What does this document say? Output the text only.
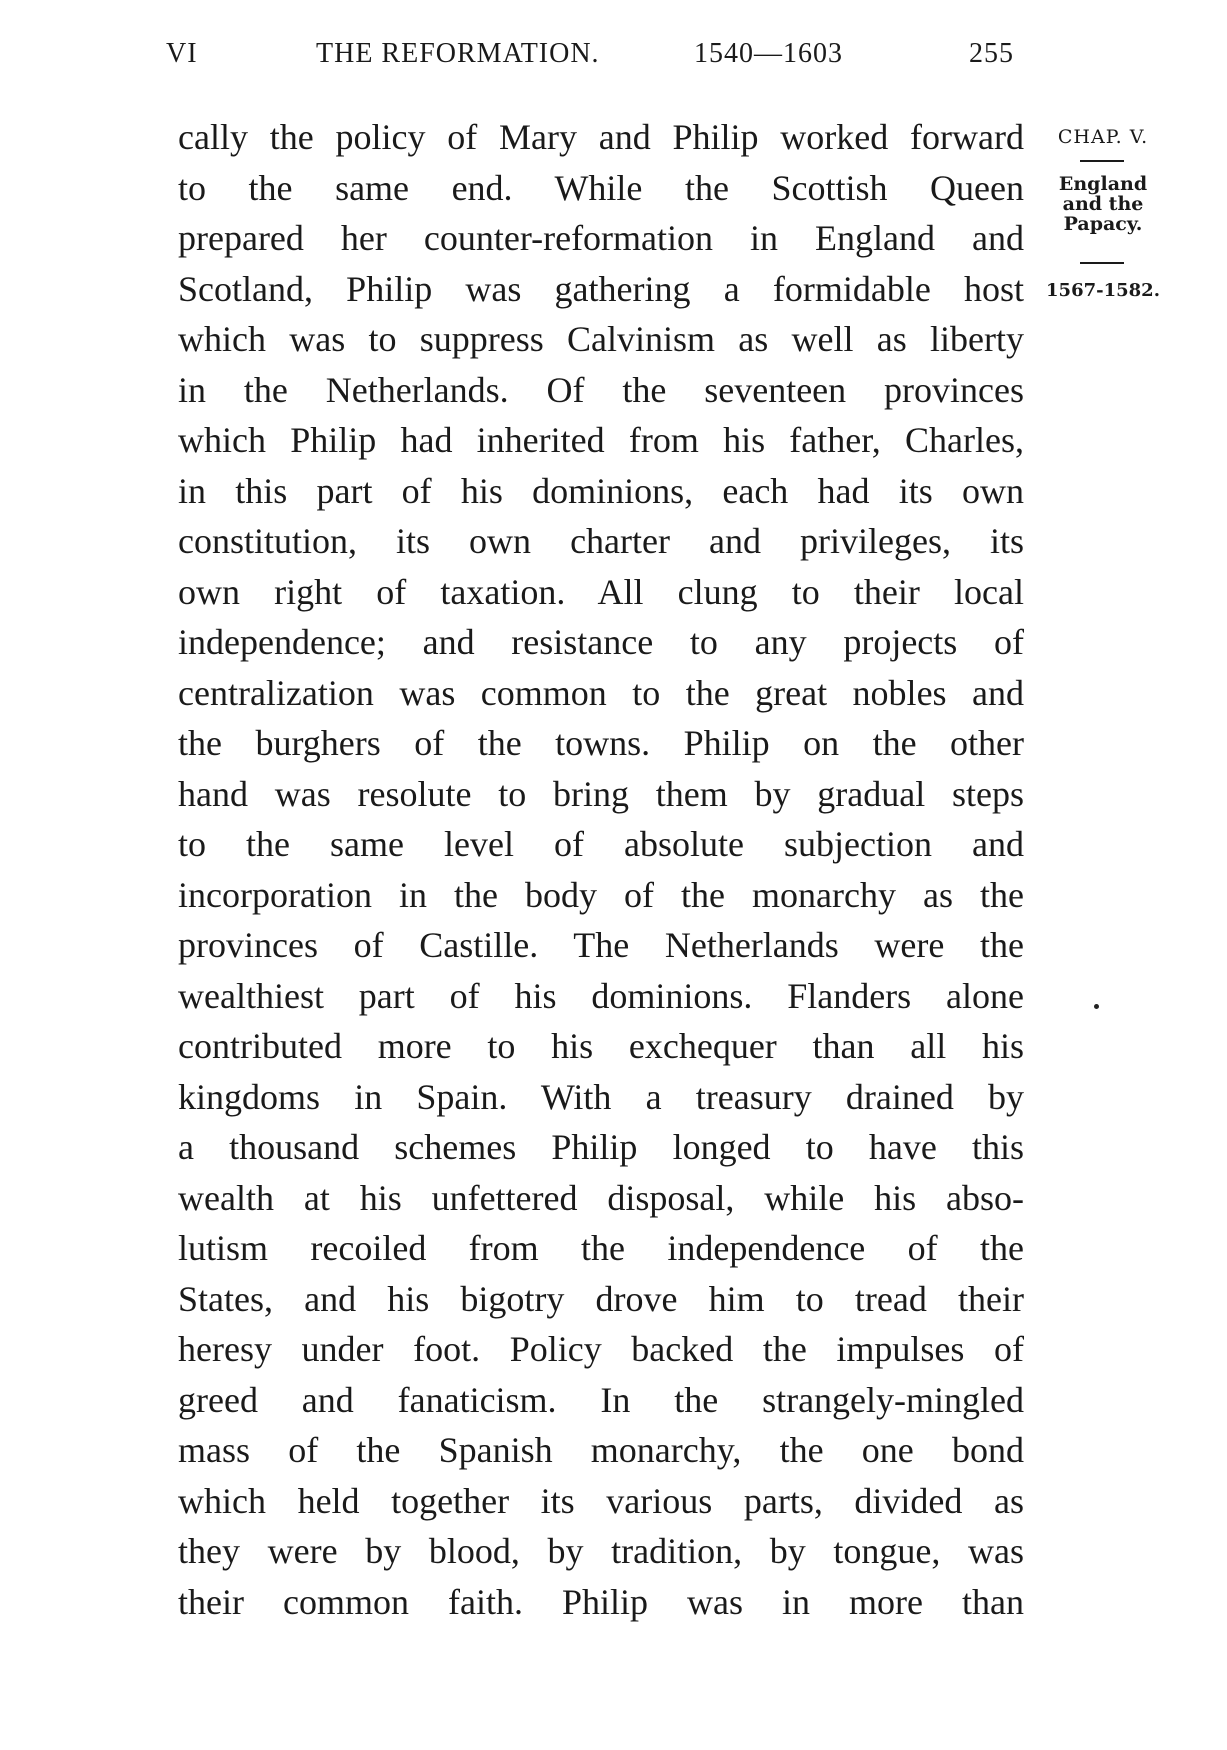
VI	THE REFORMATION.	1540—1603	255
cally the policy of Mary and Philip worked forward
to the same end. While the Scottish Queen
prepared her counter-reformation in England and
Scotland, Philip was gathering a formidable host
which was to suppress Calvinism as well as liberty
in the Netherlands. Of the seventeen provinces
which Philip had inherited from his father, Charles,
in this part of his dominions, each had its own
constitution, its own charter and privileges, its
own right of taxation. All clung to their local
independence; and resistance to any projects of
centralization was common to the great nobles and
the burghers of the towns. Philip on the other
hand was resolute to bring them by gradual steps
to the same level of absolute subjection and
incorporation in the body of the monarchy as the
provinces of Castille. The Netherlands were the
wealthiest part of his dominions. Flanders alone
contributed more to his exchequer than all his
kingdoms in Spain. With a treasury drained by
a thousand schemes Philip longed to have this
wealth at his unfettered disposal, while his abso-
lutism recoiled from the independence of the
States, and his bigotry drove him to tread their
heresy under foot. Policy backed the impulses of
greed and fanaticism. In the strangely-mingled
mass of the Spanish monarchy, the one bond
which held together its various parts, divided as
they were by blood, by tradition, by tongue, was
their common faith. Philip was in more than
CHAP. V.
England
and the
Papacy.
1567-1582.
